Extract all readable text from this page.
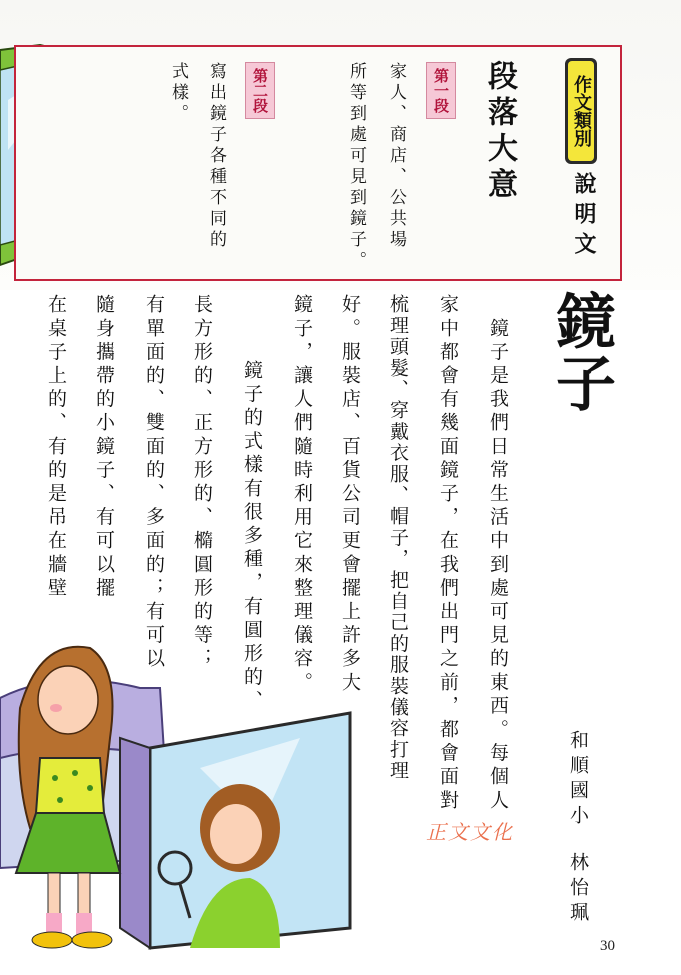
作文類別
說明文
段落大意
第一段
家人、商店、公共場
所等到處可見到鏡子。
第二段
寫出鏡子各種不同的
式樣。
鏡子
　鏡子是我們日常生活中到處可見的東西。每個人
家中都會有幾面鏡子，在我們出門之前，都會面對
梳理頭髮、穿戴衣服、帽子，把自己的服裝儀容打理
好。服裝店、百貨公司更會擺上許多大
鏡子，讓人們隨時利用它來整理儀容。
　鏡子的式樣有很多種，有圓形的、
長方形的、正方形的、橢圓形的等；
有單面的、雙面的、多面的；有可以
隨身攜帶的小鏡子、有可以擺
在桌子上的、有的是吊在牆壁
和順國小
林怡珮
正文文化
30
